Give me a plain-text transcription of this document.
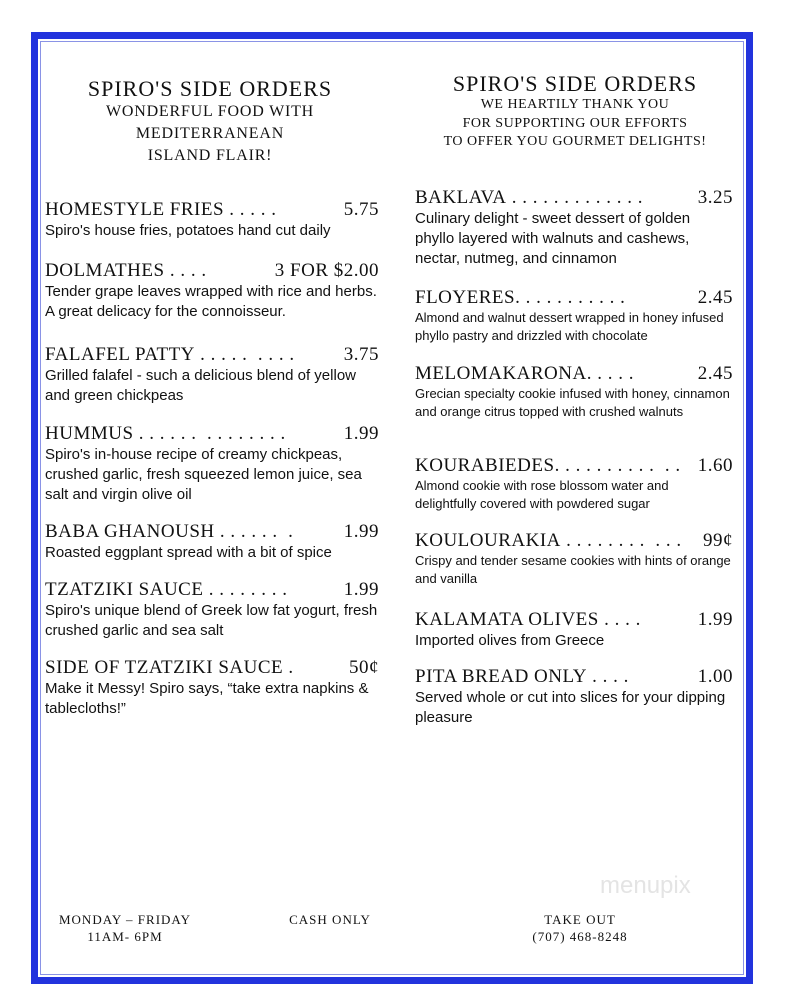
SPIRO'S SIDE ORDERS
WONDERFUL FOOD WITH
MEDITERRANEAN
ISLAND FLAIR!
HOMESTYLE FRIES . . . . .	5.75
Spiro's house fries, potatoes hand cut daily
DOLMATHES . . . .	3 FOR $2.00
Tender grape leaves wrapped with rice and herbs. A great delicacy for the connoisseur.
FALAFEL PATTY . . . . .  . . . .	3.75
Grilled falafel - such a delicious blend of yellow and green chickpeas
HUMMUS . . . . . .  . . . . . . . .	1.99
Spiro's in-house recipe of creamy chickpeas, crushed garlic, fresh squeezed lemon juice, sea salt and virgin olive oil
BABA GHANOUSH . . . . . .  .	1.99
Roasted eggplant spread with a bit of spice
TZATZIKI SAUCE . . . . . . . .	1.99
Spiro's unique blend of Greek low fat yogurt, fresh crushed garlic and sea salt
SIDE OF TZATZIKI SAUCE .	50¢
Make it Messy! Spiro says, “take extra napkins & tablecloths!”
SPIRO'S SIDE ORDERS
WE HEARTILY THANK YOU
FOR SUPPORTING OUR EFFORTS
TO OFFER YOU GOURMET DELIGHTS!
BAKLAVA . . . . . . . . . . . . .	3.25
Culinary delight - sweet dessert of golden phyllo layered with walnuts and cashews, nectar, nutmeg, and cinnamon
FLOYERES . . . . . . . . . . .	2.45
Almond and walnut dessert wrapped in honey infused phyllo pastry and drizzled with chocolate
MELOMAKARONA . . . . .	2.45
Grecian specialty cookie infused with honey, cinnamon and orange citrus topped with crushed walnuts
KOURABIEDES . . . . . . . . . .  . . 1.60
Almond cookie with rose blossom water and delightfully covered with powdered sugar
KOULOURAKIA . . . . . . . .  . . . 99¢
Crispy and tender sesame cookies with hints of orange and vanilla
KALAMATA OLIVES . . . .	1.99
Imported olives from Greece
PITA BREAD ONLY . . . .	1.00
Served whole or cut into slices for your dipping pleasure
MONDAY – FRIDAY
11AM- 6PM
CASH ONLY	TAKE OUT
(707) 468-8248
menupix
